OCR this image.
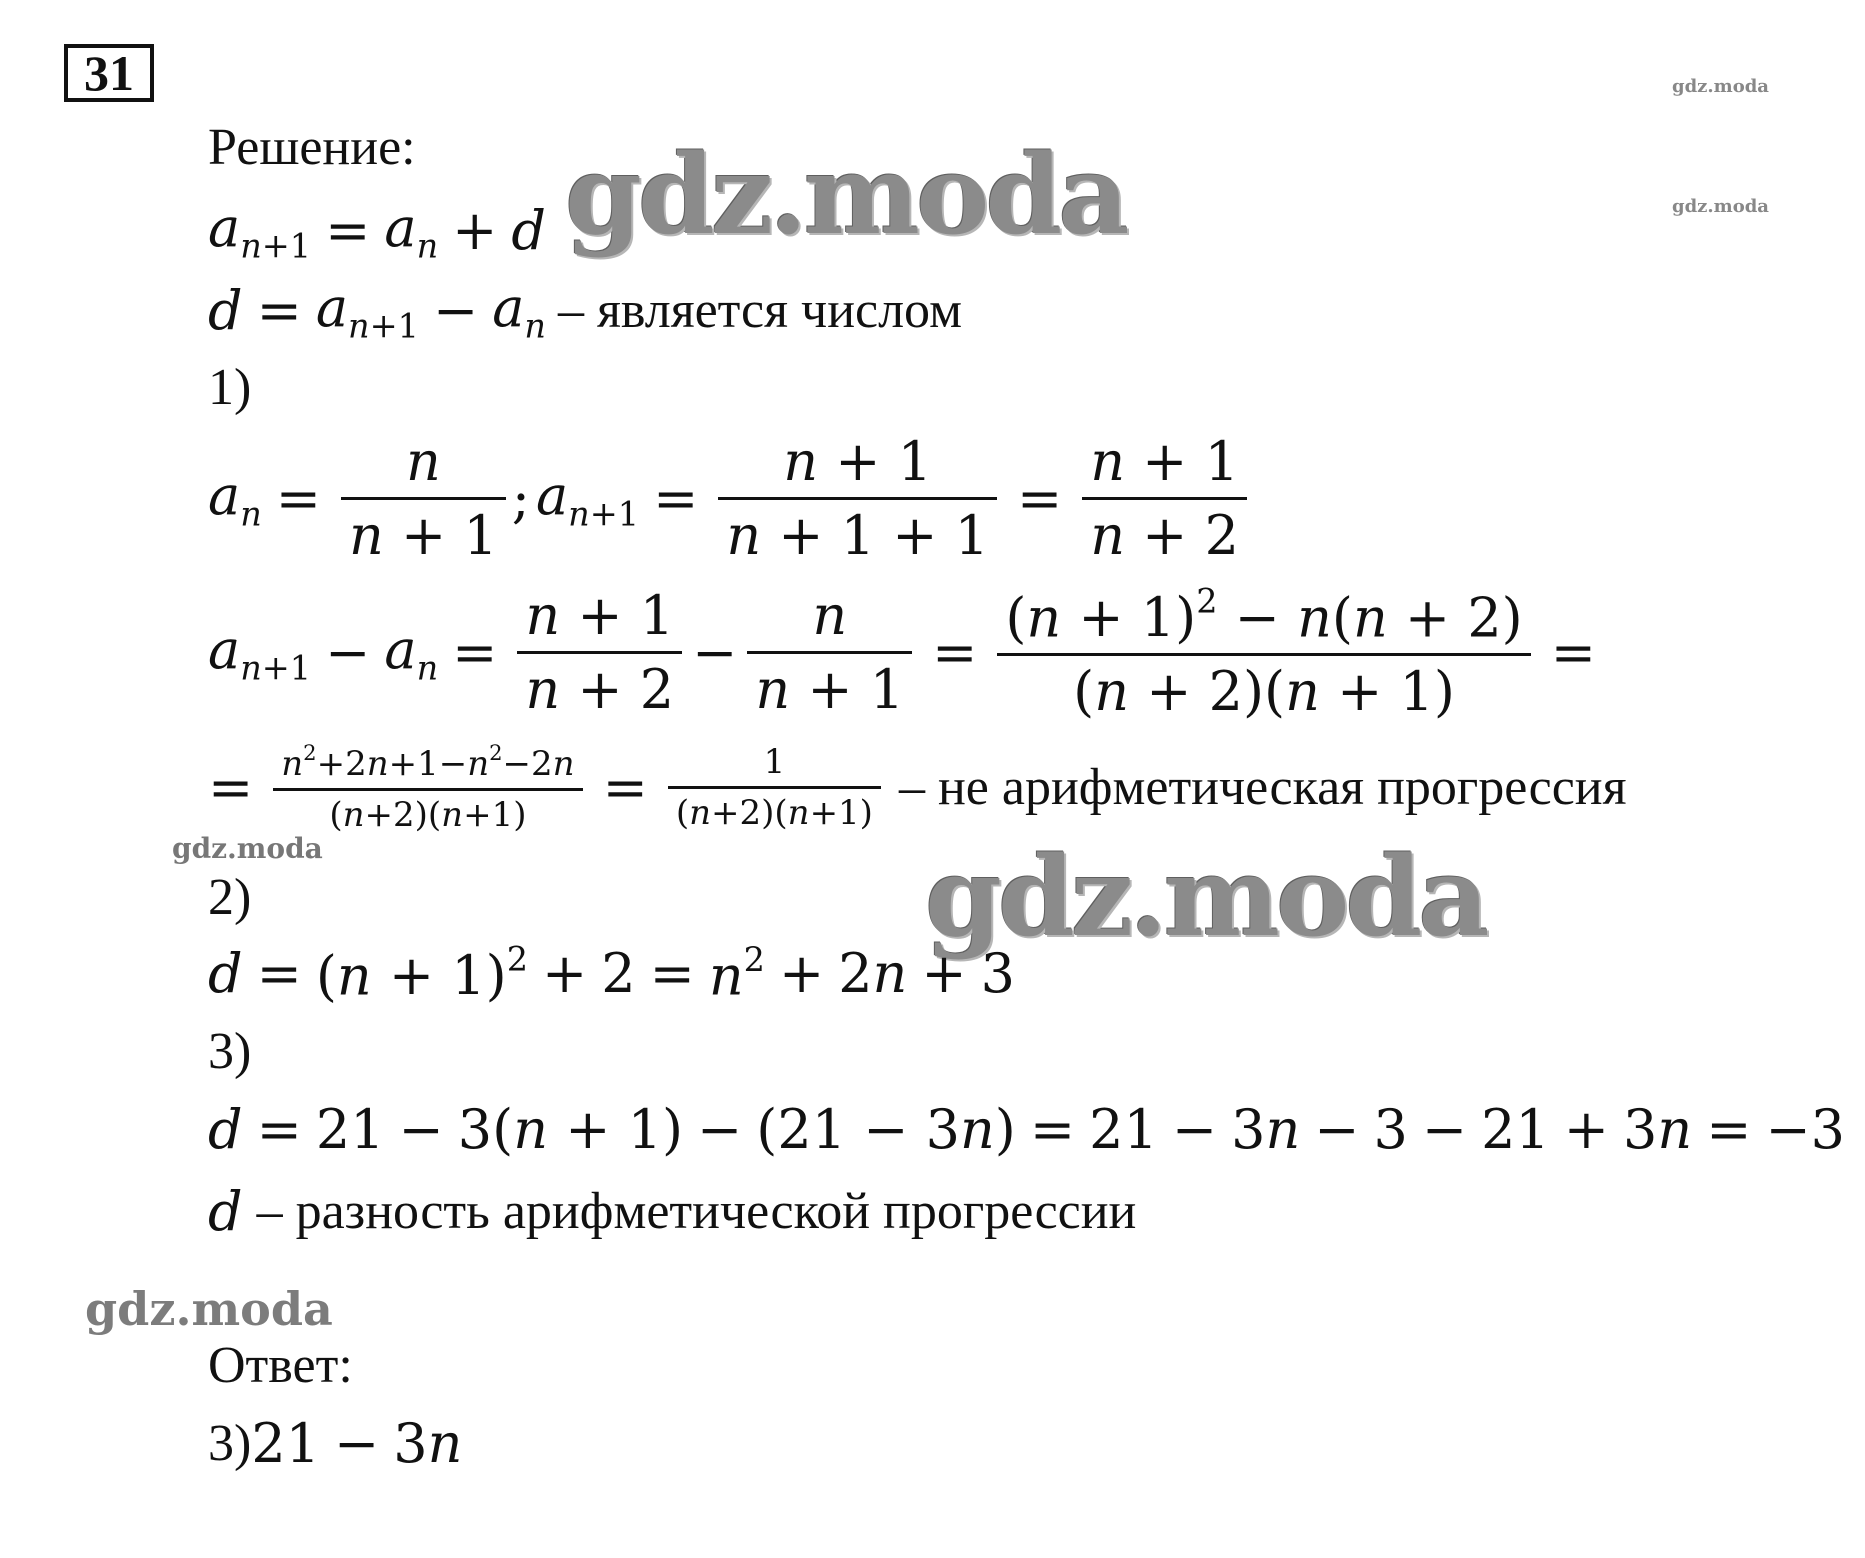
31	gdz.moda
gdz.moda
gdz.moda
gdz.moda	gdz.moda
gdz.moda
Решение:
$a_{n+1} = a_n + d$
$d = a_{n+1} - a_n$ – является числом
1)
$a_n = \frac{n}{n + 1}$ ; $a_{n+1} = \frac{n + 1}{n + 1 + 1} = \frac{n + 1}{n + 2}$
$a_{n+1} - a_n = \frac{n + 1}{n + 2} - \frac{n}{n + 1} = \frac{(n + 1)^2 - n(n + 2)}{(n + 2)(n + 1)}$ =
= $\frac{n^2+2n+1-n^2-2n}{(n+2)(n+1)} = \frac{1}{(n+2)(n+1)}$ – не арифметическая прогрессия
2)
$d = (n + 1)^2 + 2 = n^2 + 2n + 3$
3)
d = 21 − 3(n + 1) − (21 − 3n) = 21 − 3n − 3 − 21 + 3n = −3
d – разность арифметической прогрессии
Ответ:
3) 21 − 3n
